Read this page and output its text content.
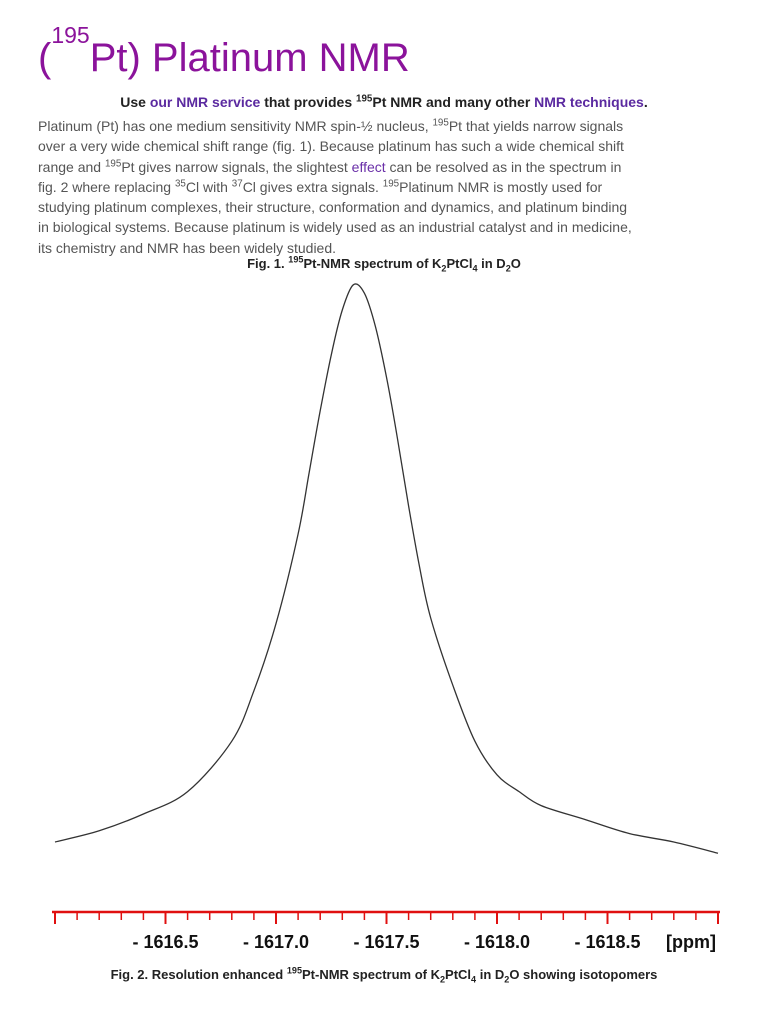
($^{195}$Pt) Platinum NMR
Use our NMR service that provides $^{195}$Pt NMR and many other NMR techniques.
Platinum (Pt) has one medium sensitivity NMR spin-½ nucleus, $^{195}$Pt that yields narrow signals
over a very wide chemical shift range (fig. 1). Because platinum has such a wide chemical shift
range and $^{195}$Pt gives narrow signals, the slightest effect can be resolved as in the spectrum in
fig. 2 where replacing $^{35}$Cl with $^{37}$Cl gives extra signals. $^{195}$Platinum NMR is mostly used for
studying platinum complexes, their structure, conformation and dynamics, and platinum binding
in biological systems. Because platinum is widely used as an industrial catalyst and in medicine,
its chemistry and NMR has been widely studied.
Fig. 1. $^{195}$Pt-NMR spectrum of $K_2PtCl_4$ in $D_2O$
- 1616.5 - 1617.0 - 1617.5 - 1618.0 - 1618.5 [ppm]
Fig. 2. Resolution enhanced $^{195}$Pt-NMR spectrum of $K_2PtCl_4$ in $D_2O$ showing isotopomers
